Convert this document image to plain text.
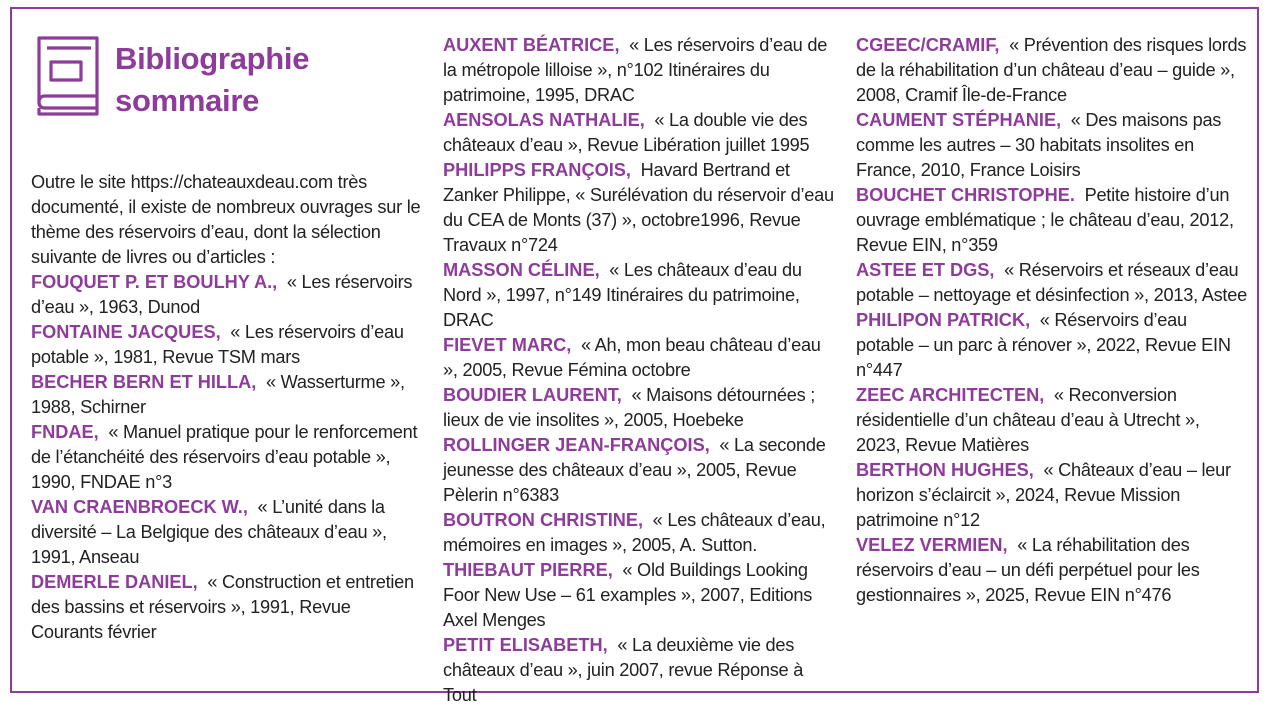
Bibliographie
sommaire

Outre le site https://chateauxdeau.com très documenté, il existe de nombreux ouvrages sur le thème des réservoirs d’eau, dont la sélection suivante de livres ou d’articles :

FOUQUET P. ET BOULHY A., « Les réservoirs d’eau », 1963, Dunod

FONTAINE JACQUES, « Les réservoirs d’eau potable », 1981, Revue TSM mars

BECHER BERN ET HILLA, « Wasserturme », 1988, Schirner

FNDAE, « Manuel pratique pour le renforcement de l’étanchéité des réservoirs d’eau potable », 1990, FNDAE n°3

VAN CRAENBROECK W., « L’unité dans la diversité – La Belgique des châteaux d’eau », 1991, Anseau

DEMERLE DANIEL, « Construction et entretien des bassins et réservoirs », 1991, Revue Courants février

AUXENT BÉATRICE, « Les réservoirs d’eau de la métropole lilloise », n°102 Itinéraires du patrimoine, 1995, DRAC

AENSOLAS NATHALIE, « La double vie des châteaux d’eau », Revue Libération juillet 1995

PHILIPPS FRANÇOIS, Havard Bertrand et Zanker Philippe, « Surélévation du réservoir d’eau du CEA de Monts (37) », octobre1996, Revue Travaux n°724

MASSON CÉLINE, « Les châteaux d’eau du Nord », 1997, n°149 Itinéraires du patrimoine, DRAC

FIEVET MARC, « Ah, mon beau château d’eau », 2005, Revue Fémina octobre

BOUDIER LAURENT, « Maisons détournées ; lieux de vie insolites », 2005, Hoebeke

ROLLINGER JEAN-FRANÇOIS, « La seconde jeunesse des châteaux d’eau », 2005, Revue Pèlerin n°6383

BOUTRON CHRISTINE, « Les châteaux d’eau, mémoires en images », 2005, A. Sutton.

THIEBAUT PIERRE, « Old Buildings Looking Foor New Use – 61 examples », 2007, Editions Axel Menges

PETIT ELISABETH, « La deuxième vie des châteaux d’eau », juin 2007, revue Réponse à Tout

CGEEC/CRAMIF, « Prévention des risques lords de la réhabilitation d’un château d’eau – guide », 2008, Cramif Île-de-France

CAUMENT STÉPHANIE, « Des maisons pas comme les autres – 30 habitats insolites en France, 2010, France Loisirs

BOUCHET CHRISTOPHE. Petite histoire d’un ouvrage emblématique ; le château d’eau, 2012, Revue EIN, n°359

ASTEE ET DGS, « Réservoirs et réseaux d’eau potable – nettoyage et désinfection », 2013, Astee

PHILIPON PATRICK, « Réservoirs d’eau potable – un parc à rénover », 2022, Revue EIN n°447

ZEEC ARCHITECTEN, « Reconversion résidentielle d’un château d’eau à Utrecht », 2023, Revue Matières

BERTHON HUGHES, « Châteaux d’eau – leur horizon s’éclaircit », 2024, Revue Mission patrimoine n°12

VELEZ VERMIEN, « La réhabilitation des réservoirs d’eau – un défi perpétuel pour les gestionnaires », 2025, Revue EIN n°476
